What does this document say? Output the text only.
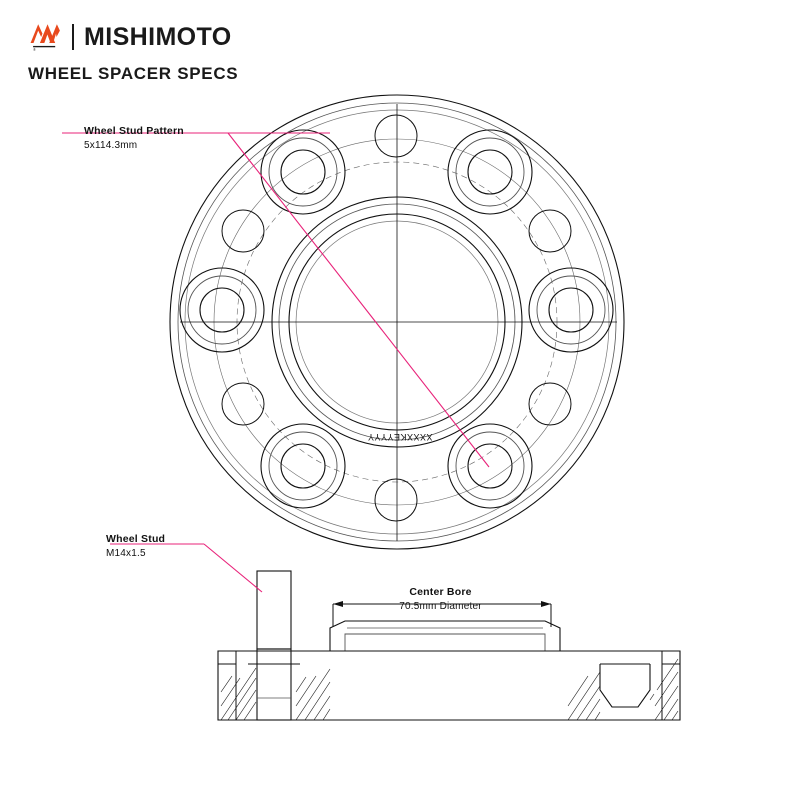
® MISHIMOTO
WHEEL SPACER SPECS
Wheel Stud Pattern
5x114.3mm
Wheel Stud
M14x1.5
Center Bore
70.5mm Diameter
XXXXKEYYYY
